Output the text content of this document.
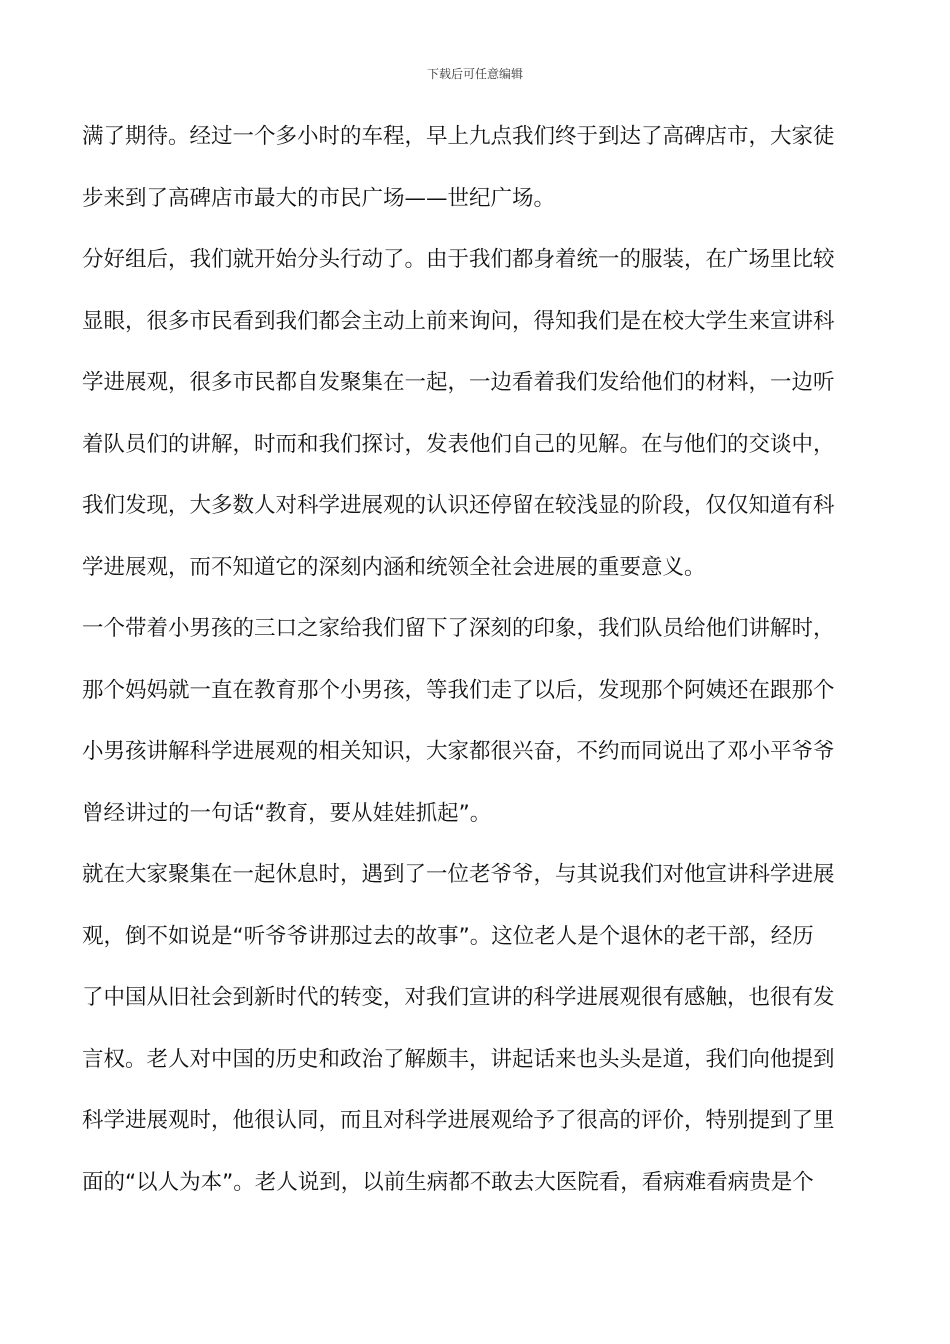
下载后可任意编辑
满了期待。经过一个多小时的车程，早上九点我们终于到达了高碑店市，大家徒
步来到了高碑店市最大的市民广场——世纪广场。
分好组后，我们就开始分头行动了。由于我们都身着统一的服装，在广场里比较
显眼，很多市民看到我们都会主动上前来询问，得知我们是在校大学生来宣讲科
学进展观，很多市民都自发聚集在一起，一边看着我们发给他们的材料，一边听
着队员们的讲解，时而和我们探讨，发表他们自己的见解。在与他们的交谈中，
我们发现，大多数人对科学进展观的认识还停留在较浅显的阶段，仅仅知道有科
学进展观，而不知道它的深刻内涵和统领全社会进展的重要意义。
一个带着小男孩的三口之家给我们留下了深刻的印象，我们队员给他们讲解时，
那个妈妈就一直在教育那个小男孩，等我们走了以后，发现那个阿姨还在跟那个
小男孩讲解科学进展观的相关知识，大家都很兴奋，不约而同说出了邓小平爷爷
曾经讲过的一句话“教育，要从娃娃抓起”。
就在大家聚集在一起休息时，遇到了一位老爷爷，与其说我们对他宣讲科学进展
观，倒不如说是“听爷爷讲那过去的故事”。这位老人是个退休的老干部，经历
了中国从旧社会到新时代的转变，对我们宣讲的科学进展观很有感触，也很有发
言权。老人对中国的历史和政治了解颇丰，讲起话来也头头是道，我们向他提到
科学进展观时，他很认同，而且对科学进展观给予了很高的评价，特别提到了里
面的“以人为本”。老人说到，以前生病都不敢去大医院看，看病难看病贵是个
